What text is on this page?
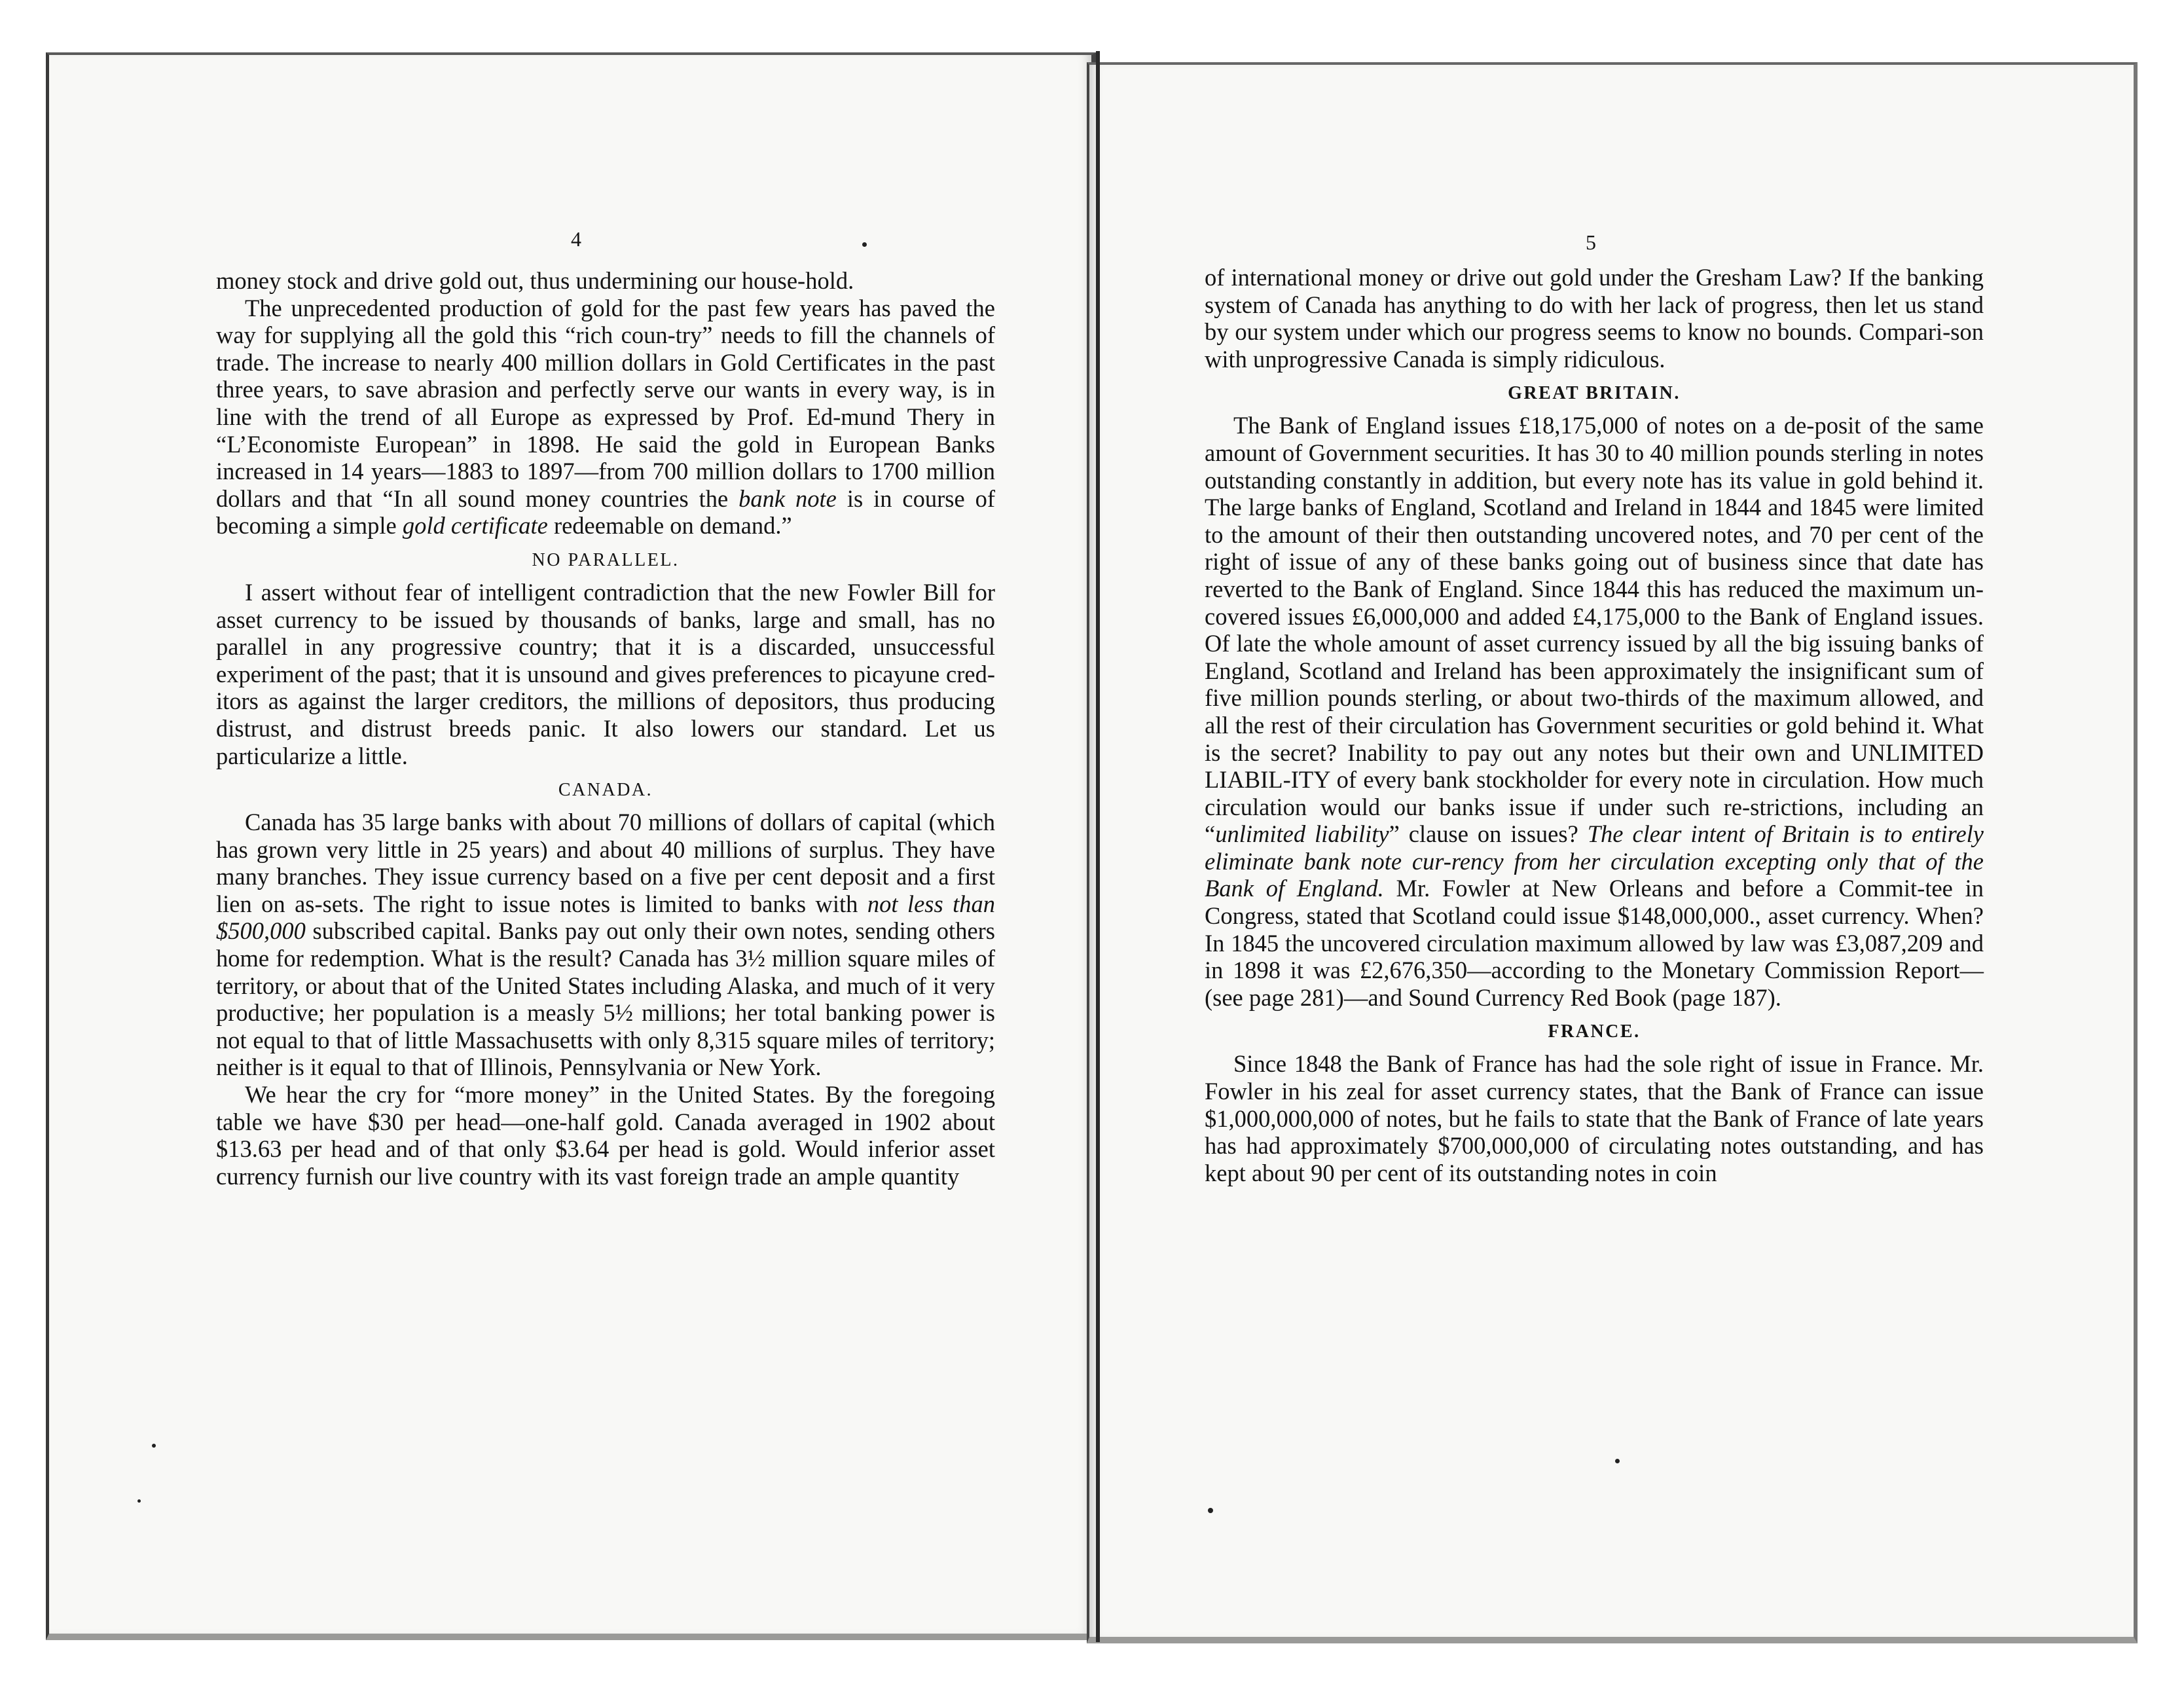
4	5

money stock and drive gold out, thus undermining our house-hold.

The unprecedented production of gold for the past few years has paved the way for supplying all the gold this “rich coun-try” needs to fill the channels of trade. The increase to nearly 400 million dollars in Gold Certificates in the past three years, to save abrasion and perfectly serve our wants in every way, is in line with the trend of all Europe as expressed by Prof. Ed-mund Thery in “L’Economiste European” in 1898. He said the gold in European Banks increased in 14 years—1883 to 1897—from 700 million dollars to 1700 million dollars and that “In all sound money countries the bank note is in course of becoming a simple gold certificate redeemable on demand.”

NO PARALLEL.

I assert without fear of intelligent contradiction that the new Fowler Bill for asset currency to be issued by thousands of banks, large and small, has no parallel in any progressive country; that it is a discarded, unsuccessful experiment of the past; that it is unsound and gives preferences to picayune cred-itors as against the larger creditors, the millions of depositors, thus producing distrust, and distrust breeds panic. It also lowers our standard. Let us particularize a little.

CANADA.

Canada has 35 large banks with about 70 millions of dollars of capital (which has grown very little in 25 years) and about 40 millions of surplus. They have many branches. They issue currency based on a five per cent deposit and a first lien on as-sets. The right to issue notes is limited to banks with not less than $500,000 subscribed capital. Banks pay out only their own notes, sending others home for redemption. What is the result? Canada has 3½ million square miles of territory, or about that of the United States including Alaska, and much of it very productive; her population is a measly 5½ millions; her total banking power is not equal to that of little Massachusetts with only 8,315 square miles of territory; neither is it equal to that of Illinois, Pennsylvania or New York.

We hear the cry for “more money” in the United States. By the foregoing table we have $30 per head—one-half gold. Canada averaged in 1902 about $13.63 per head and of that only $3.64 per head is gold. Would inferior asset currency furnish our live country with its vast foreign trade an ample quantity

of international money or drive out gold under the Gresham Law? If the banking system of Canada has anything to do with her lack of progress, then let us stand by our system under which our progress seems to know no bounds. Compari-son with unprogressive Canada is simply ridiculous.

GREAT BRITAIN.

The Bank of England issues £18,175,000 of notes on a de-posit of the same amount of Government securities. It has 30 to 40 million pounds sterling in notes outstanding constantly in addition, but every note has its value in gold behind it. The large banks of England, Scotland and Ireland in 1844 and 1845 were limited to the amount of their then outstanding uncovered notes, and 70 per cent of the right of issue of any of these banks going out of business since that date has reverted to the Bank of England. Since 1844 this has reduced the maximum un-covered issues £6,000,000 and added £4,175,000 to the Bank of England issues. Of late the whole amount of asset currency issued by all the big issuing banks of England, Scotland and Ireland has been approximately the insignificant sum of five million pounds sterling, or about two-thirds of the maximum allowed, and all the rest of their circulation has Government securities or gold behind it. What is the secret? Inability to pay out any notes but their own and UNLIMITED LIABIL-ITY of every bank stockholder for every note in circulation. How much circulation would our banks issue if under such re-strictions, including an “unlimited liability” clause on issues? The clear intent of Britain is to entirely eliminate bank note cur-rency from her circulation excepting only that of the Bank of England. Mr. Fowler at New Orleans and before a Commit-tee in Congress, stated that Scotland could issue $148,000,000., asset currency. When? In 1845 the uncovered circulation maximum allowed by law was £3,087,209 and in 1898 it was £2,676,350—according to the Monetary Commission Report—(see page 281)—and Sound Currency Red Book (page 187).

FRANCE.

Since 1848 the Bank of France has had the sole right of issue in France. Mr. Fowler in his zeal for asset currency states, that the Bank of France can issue $1,000,000,000 of notes, but he fails to state that the Bank of France of late years has had approximately $700,000,000 of circulating notes outstanding, and has kept about 90 per cent of its outstanding notes in coin
